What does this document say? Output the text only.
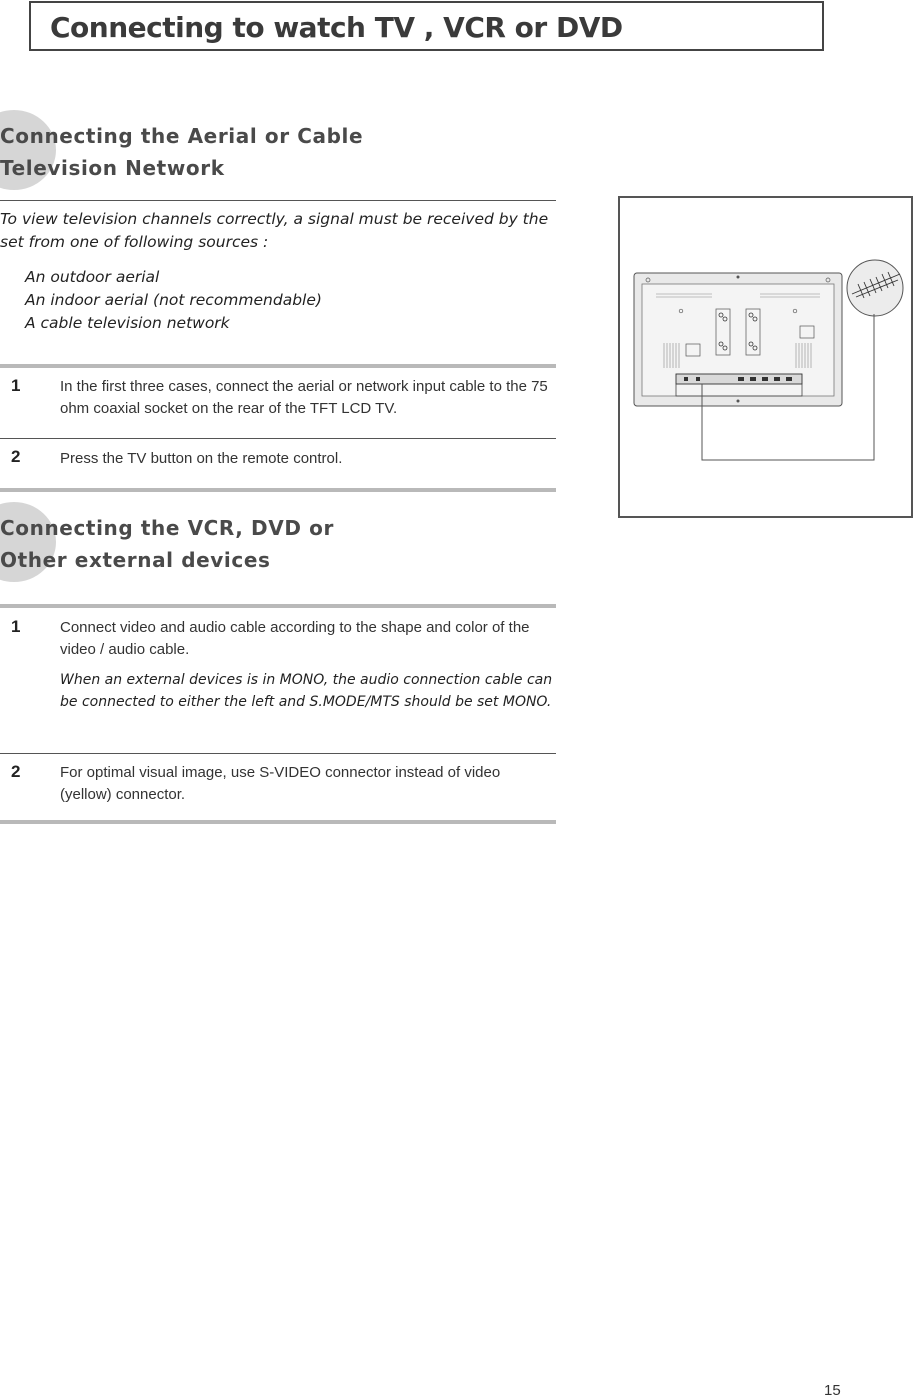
Connecting to watch TV , VCR or DVD
Connecting the Aerial or Cable
Television Network

To view television channels correctly, a signal must be received by the set from one of following sources :

An outdoor aerial
An indoor aerial (not recommendable)
A cable television network
1	In the first three cases, connect the aerial or network input cable to the 75 ohm coaxial socket on the rear of the TFT LCD TV.
2	Press the TV button on the remote control.
Connecting the VCR, DVD or
Other external devices
1	Connect video and audio cable according to the shape and color of the video / audio cable.
When an external devices is in MONO, the audio connection cable can be connected to either the left and S.MODE/MTS should be set MONO.
2	For optimal visual image, use S-VIDEO connector instead of video (yellow) connector.
15
